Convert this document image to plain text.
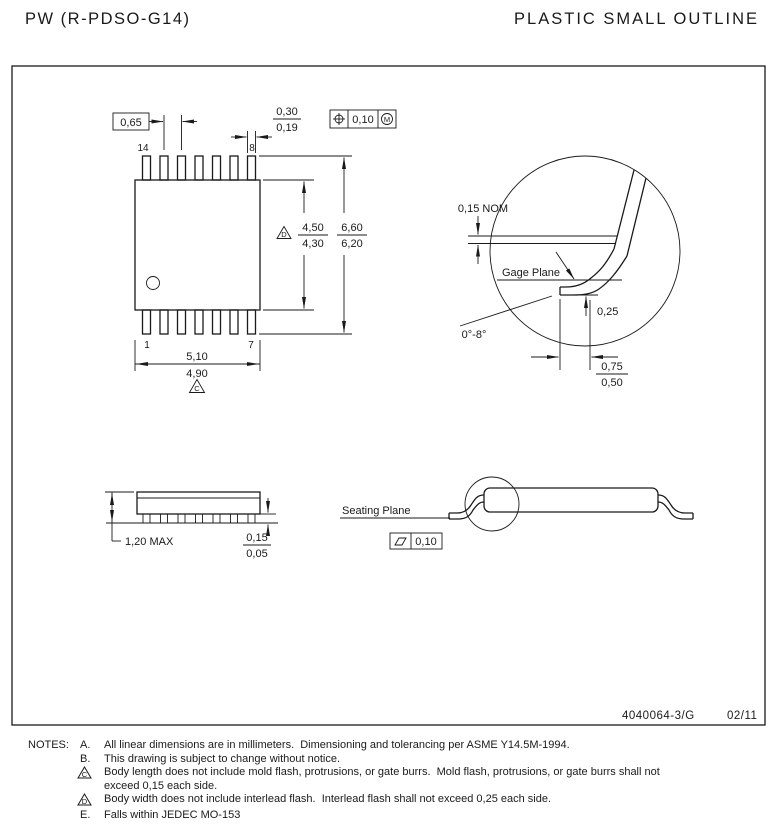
PW (R-PDSO-G14)	PLASTIC SMALL OUTLINE
14	8
1	7
0,65
0,30
0,19
0,10 M
D
4,50
4,30
6,60
6,20
5,10
4,90
C
0,15 NOM
Gage Plane
0,25
0°-8°
0,75
0,50
1,20 MAX	0,15
0,05
Seating Plane
0,10
4040064-3/G	02/11
NOTES:	A.	All linear dimensions are in millimeters.  Dimensioning and tolerancing per ASME Y14.5M-1994.
B.	This drawing is subject to change without notice.
C Body length does not include mold flash, protrusions, or gate burrs.  Mold flash, protrusions, or gate burrs shall not exceed 0,15 each side.
D Body width does not include interlead flash.  Interlead flash shall not exceed 0,25 each side.
E.	Falls within JEDEC MO-153
